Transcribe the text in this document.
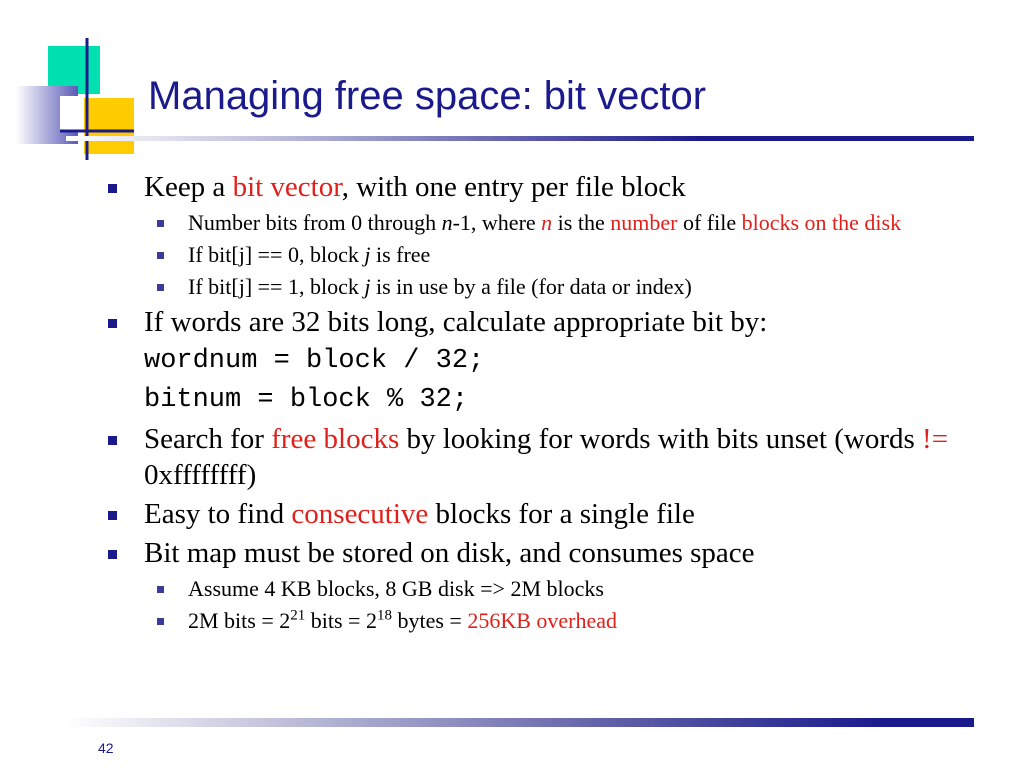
Managing free space: bit vector
Keep a bit vector, with one entry per file block
Number bits from 0 through n-1, where n is the number of file blocks on the disk
If bit[j] == 0, block j is free
If bit[j] == 1, block j is in use by a file (for data or index)
If words are 32 bits long, calculate appropriate bit by:
wordnum = block / 32;
bitnum = block % 32;
Search for free blocks by looking for words with bits unset (words != 0xffffffff)
Easy to find consecutive blocks for a single file
Bit map must be stored on disk, and consumes space
Assume 4 KB blocks, 8 GB disk => 2M blocks
2M bits = $2^{21}$ bits = $2^{18}$ bytes = 256KB overhead
42
